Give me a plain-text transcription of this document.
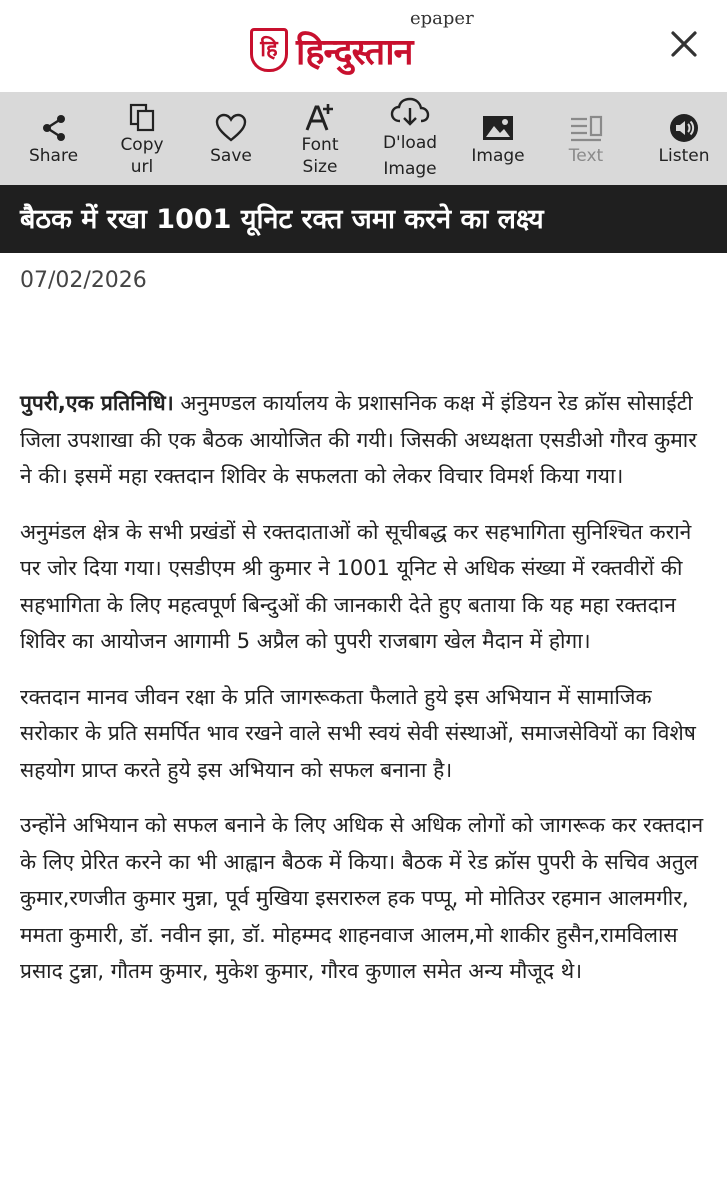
हि हिन्दुस्तान
epaper
Share
Copy url
Save
Font Size
D'load Image
Image	Text	Listen
बैठक में रखा 1001 यूनिट रक्त जमा करने का लक्ष्य
07/02/2026

पुपरी,एक प्रतिनिधि। अनुमण्डल कार्यालय के प्रशासनिक कक्ष में इंडियन रेड क्रॉस सोसाईटी जिला उपशाखा की एक बैठक आयोजित की गयी। जिसकी अध्यक्षता एसडीओ गौरव कुमार ने की। इसमें महा रक्तदान शिविर के सफलता को लेकर विचार विमर्श किया गया।

अनुमंडल क्षेत्र के सभी प्रखंडों से रक्तदाताओं को सूचीबद्ध कर सहभागिता सुनिश्चित कराने पर जोर दिया गया। एसडीएम श्री कुमार ने 1001 यूनिट से अधिक संख्या में रक्तवीरों की सहभागिता के लिए महत्वपूर्ण बिन्दुओं की जानकारी देते हुए बताया कि यह महा रक्तदान शिविर का आयोजन आगामी 5 अप्रैल को पुपरी राजबाग खेल मैदान में होगा।

रक्तदान मानव जीवन रक्षा के प्रति जागरूकता फैलाते हुये इस अभियान में सामाजिक सरोकार के प्रति समर्पित भाव रखने वाले सभी स्वयं सेवी संस्थाओं, समाजसेवियों का विशेष सहयोग प्राप्त करते हुये इस अभियान को सफल बनाना है।

उन्होंने अभियान को सफल बनाने के लिए अधिक से अधिक लोगों को जागरूक कर रक्तदान के लिए प्रेरित करने का भी आह्वान बैठक में किया। बैठक में रेड क्रॉस पुपरी के सचिव अतुल कुमार,रणजीत कुमार मुन्ना, पूर्व मुखिया इसरारुल हक पप्पू, मो मोतिउर रहमान आलमगीर, ममता कुमारी, डॉ. नवीन झा, डॉ. मोहम्मद शाहनवाज आलम,मो शाकीर हुसैन,रामविलास प्रसाद टुन्ना, गौतम कुमार, मुकेश कुमार, गौरव कुणाल समेत अन्य मौजूद थे।
